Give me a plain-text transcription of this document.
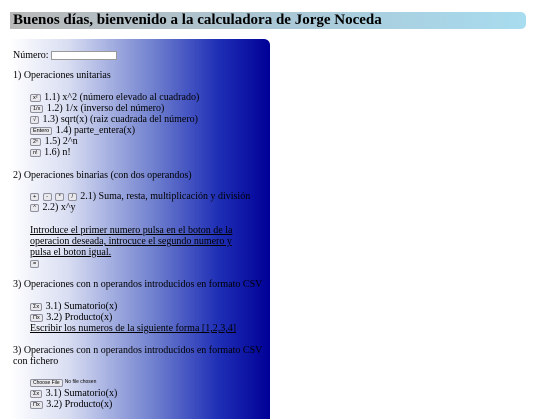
Buenos días, bienvenido a la calculadora de Jorge Noceda
Número:
1) Operaciones unitarias
x² 1.1) x^2 (número elevado al cuadrado)
1/x 1.2) 1/x (inverso del número)
√ 1.3) sqrt(x) (raiz cuadrada del número)
Entero 1.4) parte_entera(x)
2ⁿ 1.5) 2^n
n! 1.6) n!
2) Operaciones binarias (con dos operandos)
+ - * / 2.1) Suma, resta, multiplicación y división
^ 2.2) x^y
Introduce el primer numero pulsa en el boton de la
operacion deseada, introcuce el segundo numero y
pulsa el boton igual.
=
3) Operaciones con n operandos introducidos en formato CSV
Σx 3.1) Sumatorio(x)
Πx 3.2) Producto(x)
Escribir los numeros de la siguiente forma [1,2,3,4]
3) Operaciones con n operandos introducidos en formato CSV
con fichero
Choose File No file chosen
Σx 3.1) Sumatorio(x)
Πx 3.2) Producto(x)
